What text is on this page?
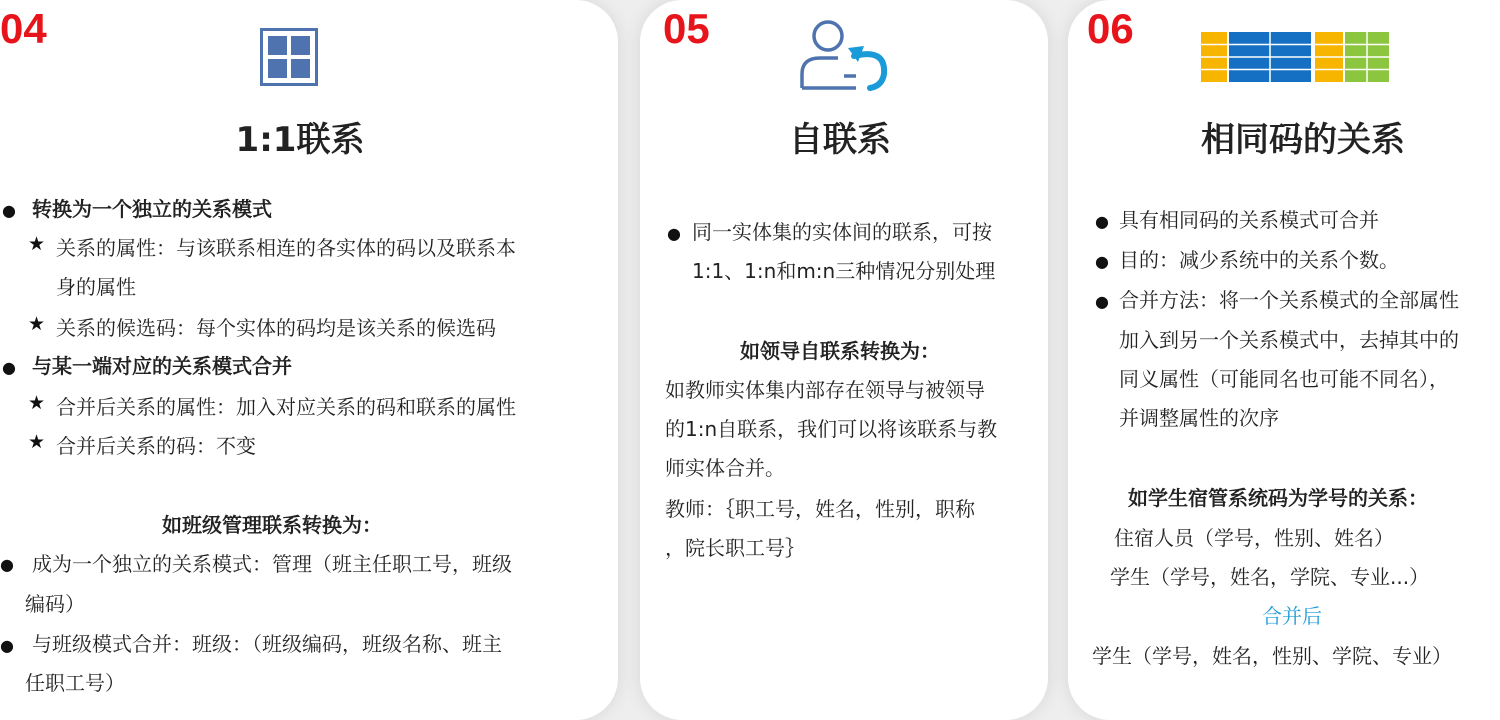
04
1:1联系
● 转换为一个独立的关系模式
★ 关系的属性：与该联系相连的各实体的码以及联系本
身的属性
★ 关系的候选码：每个实体的码均是该关系的候选码
● 与某一端对应的关系模式合并
★ 合并后关系的属性：加入对应关系的码和联系的属性
★ 合并后关系的码：不变
如班级管理联系转换为：
● 成为一个独立的关系模式：管理（班主任职工号，班级
编码）
● 与班级模式合并：班级：（班级编码，班级名称、班主
任职工号）
05
自联系
● 同一实体集的实体间的联系，可按
1:1、1:n和m:n三种情况分别处理
如领导自联系转换为：
如教师实体集内部存在领导与被领导
的1:n自联系，我们可以将该联系与教
师实体合并。
教师：｛职工号，姓名，性别，职称
，院长职工号｝
06
相同码的关系
● 具有相同码的关系模式可合并
● 目的：减少系统中的关系个数。
● 合并方法：将一个关系模式的全部属性
加入到另一个关系模式中，去掉其中的
同义属性（可能同名也可能不同名），
并调整属性的次序
如学生宿管系统码为学号的关系：
住宿人员（学号，性别、姓名）
学生（学号，姓名，学院、专业...）
合并后
学生（学号，姓名，性别、学院、专业）
